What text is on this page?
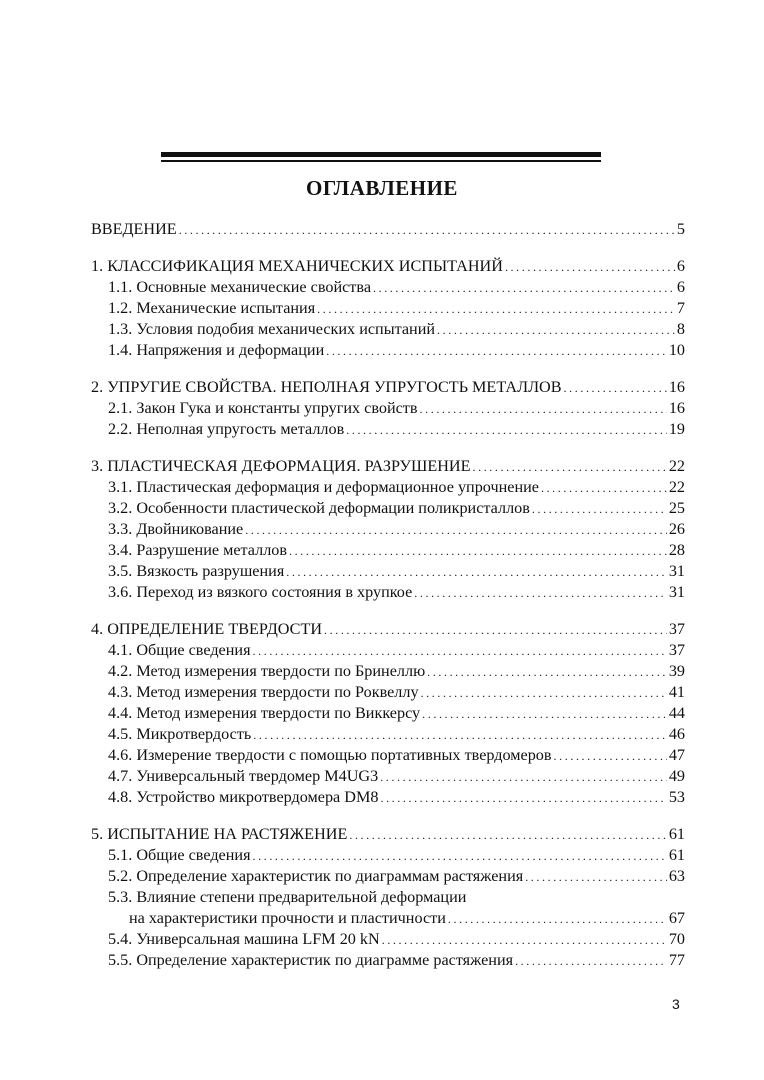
ОГЛАВЛЕНИЕ
ВВЕДЕНИЕ . . .	5
1. КЛАССИФИКАЦИЯ МЕХАНИЧЕСКИХ ИСПЫТАНИЙ . . .	6
1.1. Основные механические свойства . . .	6
1.2. Механические испытания . . .	7
1.3. Условия подобия механических испытаний . . .	8
1.4. Напряжения и деформации . . .	10
2. УПРУГИЕ СВОЙСТВА. НЕПОЛНАЯ УПРУГОСТЬ МЕТАЛЛОВ . . .	16
2.1. Закон Гука и константы упругих свойств . . .	16
2.2. Неполная упругость металлов . . .	19
3. ПЛАСТИЧЕСКАЯ ДЕФОРМАЦИЯ. РАЗРУШЕНИЕ . . .	22
3.1. Пластическая деформация и деформационное упрочнение . . .	22
3.2. Особенности пластической деформации поликристаллов . . .	25
3.3. Двойникование . . .	26
3.4. Разрушение металлов . . .	28
3.5. Вязкость разрушения . . .	31
3.6. Переход из вязкого состояния в хрупкое . . .	31
4. ОПРЕДЕЛЕНИЕ ТВЕРДОСТИ . . .	37
4.1. Общие сведения . . .	37
4.2. Метод измерения твердости по Бринеллю . . .	39
4.3. Метод измерения твердости по Роквеллу . . .	41
4.4. Метод измерения твердости по Виккерсу . . .	44
4.5. Микротвердость . . .	46
4.6. Измерение твердости с помощью портативных твердомеров . . .	47
4.7. Универсальный твердомер M4UG3 . . .	49
4.8. Устройство микротвердомера DM8 . . .	53
5. ИСПЫТАНИЕ НА РАСТЯЖЕНИЕ . . .	61
5.1. Общие сведения . . .	61
5.2. Определение характеристик по диаграммам растяжения . . .	63
5.3. Влияние степени предварительной деформации
на характеристики прочности и пластичности . . .	67
5.4. Универсальная машина LFM 20 kN . . .	70
5.5. Определение характеристик по диаграмме растяжения . . .	77
3
